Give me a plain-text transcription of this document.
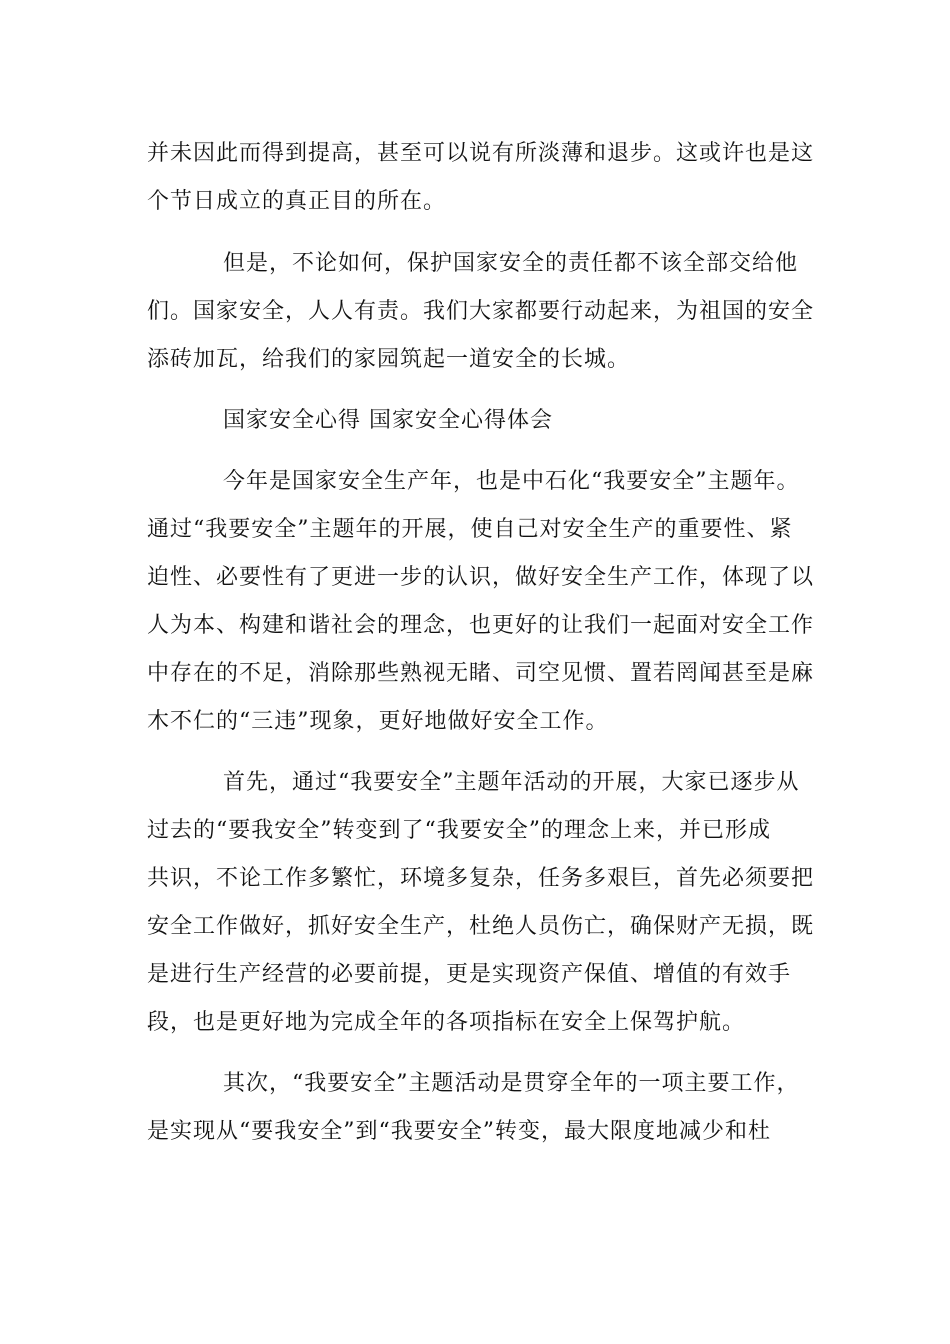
并未因此而得到提高，甚至可以说有所淡薄和退步。这或许也是这
个节日成立的真正目的所在。
但是，不论如何，保护国家安全的责任都不该全部交给他
们。国家安全，人人有责。我们大家都要行动起来，为祖国的安全
添砖加瓦，给我们的家园筑起一道安全的长城。
国家安全心得 国家安全心得体会
今年是国家安全生产年，也是中石化“我要安全”主题年。
通过“我要安全”主题年的开展，使自己对安全生产的重要性、紧
迫性、必要性有了更进一步的认识，做好安全生产工作，体现了以
人为本、构建和谐社会的理念，也更好的让我们一起面对安全工作
中存在的不足，消除那些熟视无睹、司空见惯、置若罔闻甚至是麻
木不仁的“三违”现象，更好地做好安全工作。
首先，通过“我要安全”主题年活动的开展，大家已逐步从
过去的“要我安全”转变到了“我要安全”的理念上来，并已形成
共识，不论工作多繁忙，环境多复杂，任务多艰巨，首先必须要把
安全工作做好，抓好安全生产，杜绝人员伤亡，确保财产无损，既
是进行生产经营的必要前提，更是实现资产保值、增值的有效手
段，也是更好地为完成全年的各项指标在安全上保驾护航。
其次，“我要安全”主题活动是贯穿全年的一项主要工作，
是实现从“要我安全”到“我要安全”转变，最大限度地减少和杜
